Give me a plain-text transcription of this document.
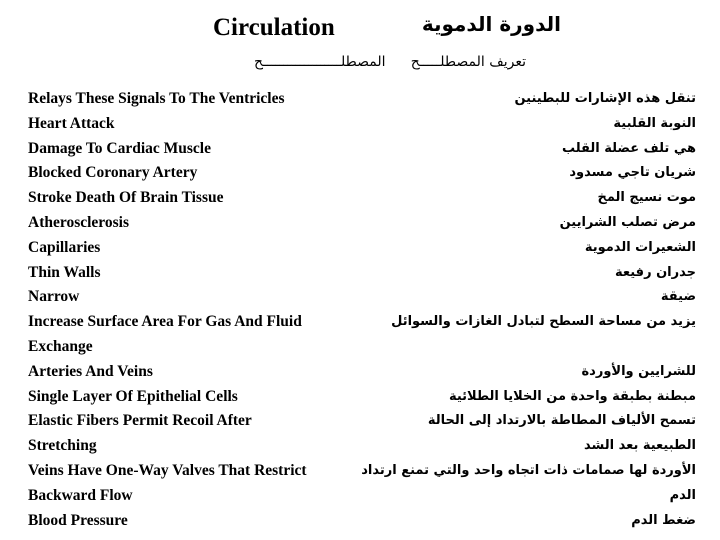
Circulation	الدورة الدموية
المصطلـــــــــــــــــــح تعريف المصطلـــــح
Relays These Signals To The Ventricles
Heart Attack
Damage To Cardiac Muscle
Blocked Coronary Artery
Stroke Death Of Brain Tissue
Atherosclerosis
Capillaries
Thin Walls
Narrow
Increase Surface Area For Gas And Fluid
Exchange
Arteries And Veins
Single Layer Of Epithelial Cells
Elastic Fibers Permit Recoil After
Stretching
Veins Have One-Way Valves That Restrict
Backward Flow
Blood Pressure
تنقل هذه الإشارات للبطينين
النوبة القلبية
هي تلف عضلة القلب
شريان تاجي مسدود
موت نسيج المخ
مرض تصلب الشرايين
الشعيرات الدموية
جدران رفيعة
ضيقة
يزيد من مساحة السطح لتبادل الغازات والسوائل
للشرايين والأوردة
مبطنة بطبقة واحدة من الخلايا الطلائية
تسمح الألياف المطاطة بالارتداد إلى الحالة
الطبيعية بعد الشد
الأوردة لها صمامات ذات اتجاه واحد والتي تمنع ارتداد
الدم
ضغط الدم
